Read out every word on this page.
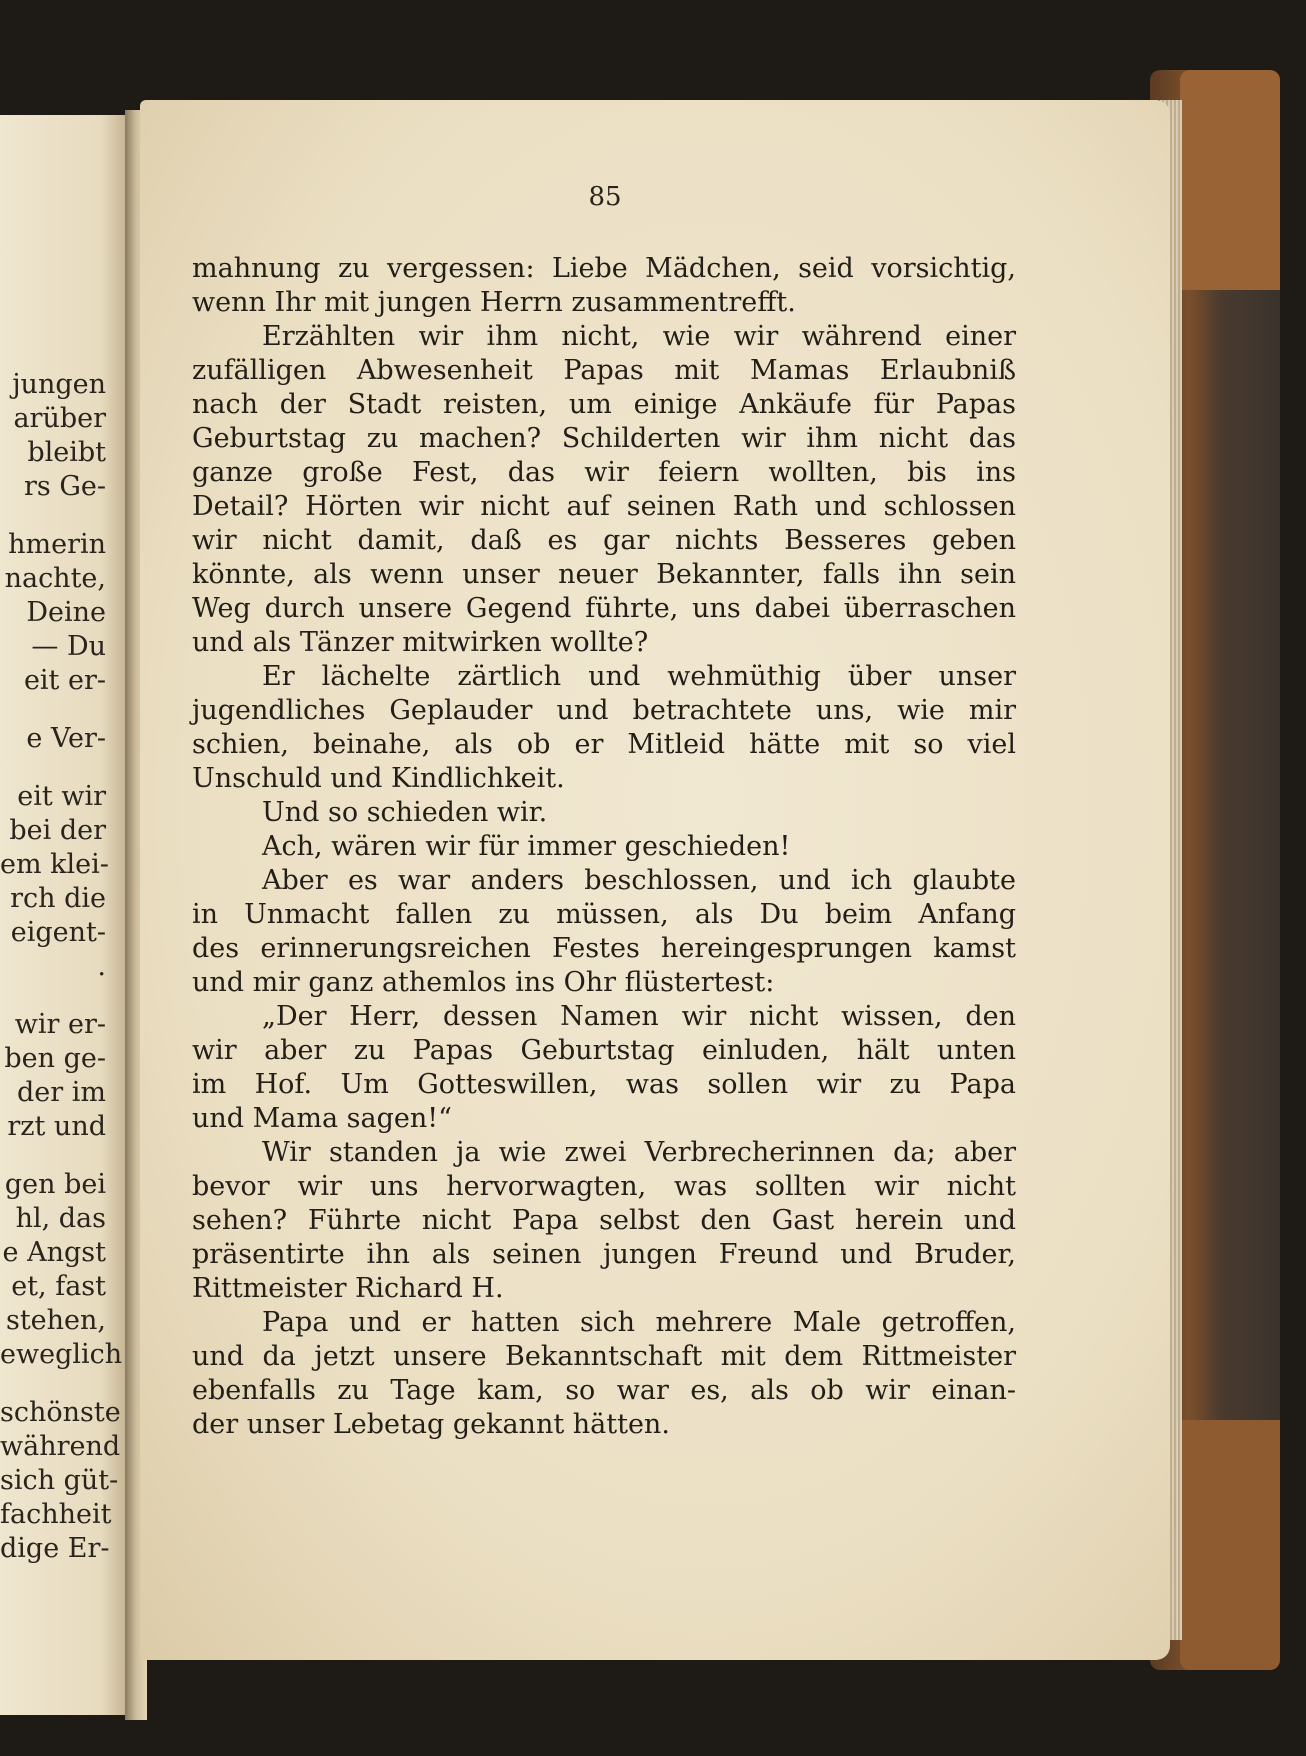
jungen
arüber
bleibt
rs Ge-
hmerin
nachte,
Deine
— Du
eit er-
e Ver-
eit wir
bei der
em klei-
rch die
eigent-
.
wir er-
ben ge-
der im
rzt und
gen bei
hl, das
e Angst
et, fast
stehen,
eweglich
schönste
während
sich güt-
fachheit
dige Er-
85
mahnung zu vergessen: Liebe Mädchen, seid vorsichtig,
wenn Ihr mit jungen Herrn zusammentrefft.
Erzählten wir ihm nicht, wie wir während einer
zufälligen Abwesenheit Papas mit Mamas Erlaubniß
nach der Stadt reisten, um einige Ankäufe für Papas
Geburtstag zu machen? Schilderten wir ihm nicht das
ganze große Fest, das wir feiern wollten, bis ins
Detail? Hörten wir nicht auf seinen Rath und schlossen
wir nicht damit, daß es gar nichts Besseres geben
könnte, als wenn unser neuer Bekannter, falls ihn sein
Weg durch unsere Gegend führte, uns dabei überraschen
und als Tänzer mitwirken wollte?
Er lächelte zärtlich und wehmüthig über unser
jugendliches Geplauder und betrachtete uns, wie mir
schien, beinahe, als ob er Mitleid hätte mit so viel
Unschuld und Kindlichkeit.
Und so schieden wir.
Ach, wären wir für immer geschieden!
Aber es war anders beschlossen, und ich glaubte
in Unmacht fallen zu müssen, als Du beim Anfang
des erinnerungsreichen Festes hereingesprungen kamst
und mir ganz athemlos ins Ohr flüstertest:
„Der Herr, dessen Namen wir nicht wissen, den
wir aber zu Papas Geburtstag einluden, hält unten
im Hof. Um Gotteswillen, was sollen wir zu Papa
und Mama sagen!“
Wir standen ja wie zwei Verbrecherinnen da; aber
bevor wir uns hervorwagten, was sollten wir nicht
sehen? Führte nicht Papa selbst den Gast herein und
präsentirte ihn als seinen jungen Freund und Bruder,
Rittmeister Richard H.
Papa und er hatten sich mehrere Male getroffen,
und da jetzt unsere Bekanntschaft mit dem Rittmeister
ebenfalls zu Tage kam, so war es, als ob wir einan-
der unser Lebetag gekannt hätten.
